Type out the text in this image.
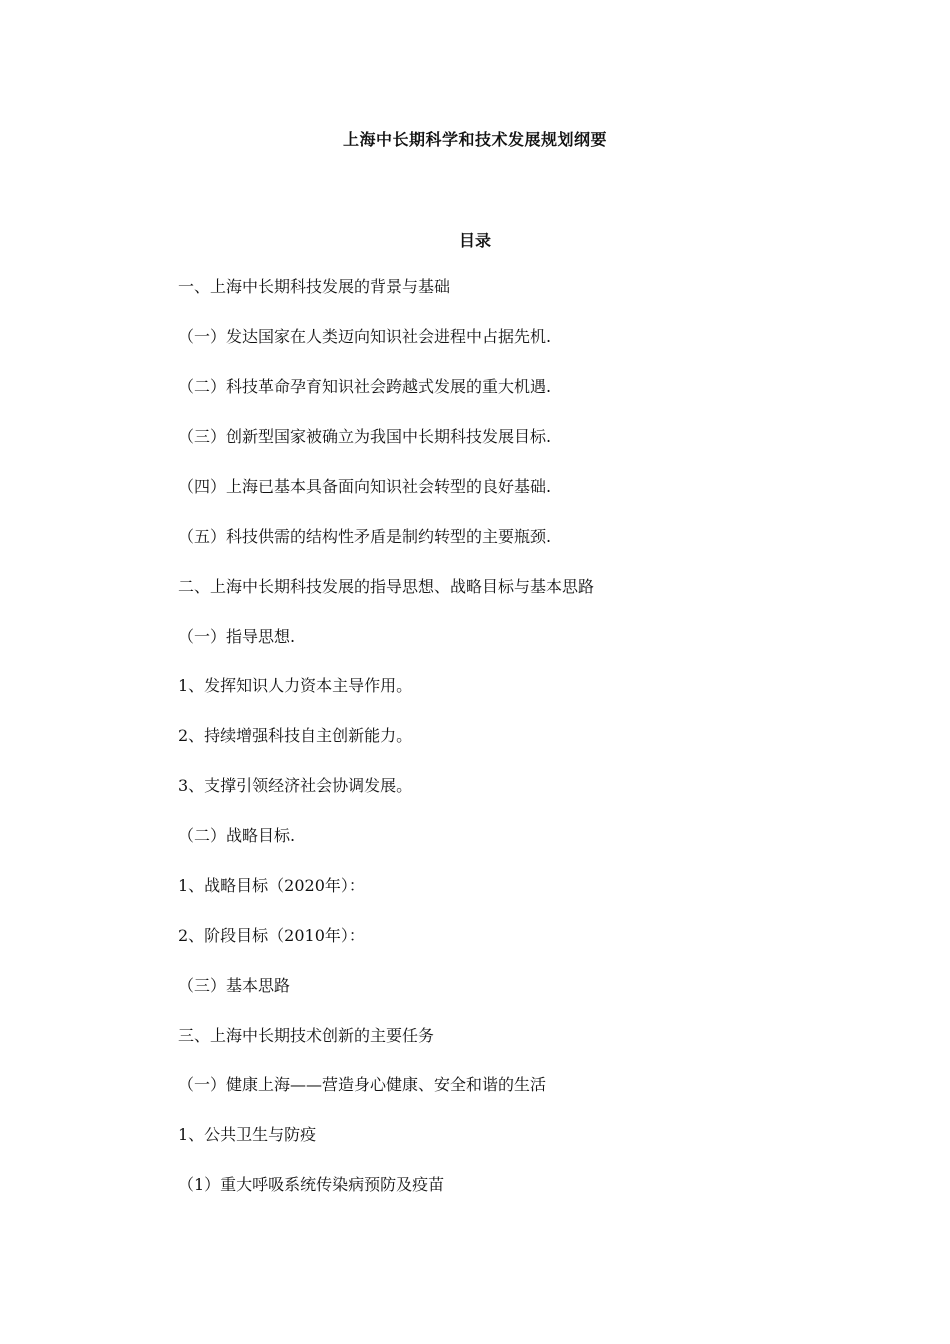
上海中长期科学和技术发展规划纲要
目录
一、上海中长期科技发展的背景与基础
（一）发达国家在人类迈向知识社会进程中占据先机.
（二）科技革命孕育知识社会跨越式发展的重大机遇.
（三）创新型国家被确立为我国中长期科技发展目标.
（四）上海已基本具备面向知识社会转型的良好基础.
（五）科技供需的结构性矛盾是制约转型的主要瓶颈.
二、上海中长期科技发展的指导思想、战略目标与基本思路
（一）指导思想.
1、发挥知识人力资本主导作用。
2、持续增强科技自主创新能力。
3、支撑引领经济社会协调发展。
（二）战略目标.
1、战略目标（2020年）：
2、阶段目标（2010年）：
（三）基本思路
三、上海中长期技术创新的主要任务
（一）健康上海——营造身心健康、安全和谐的生活
1、公共卫生与防疫
（1）重大呼吸系统传染病预防及疫苗
